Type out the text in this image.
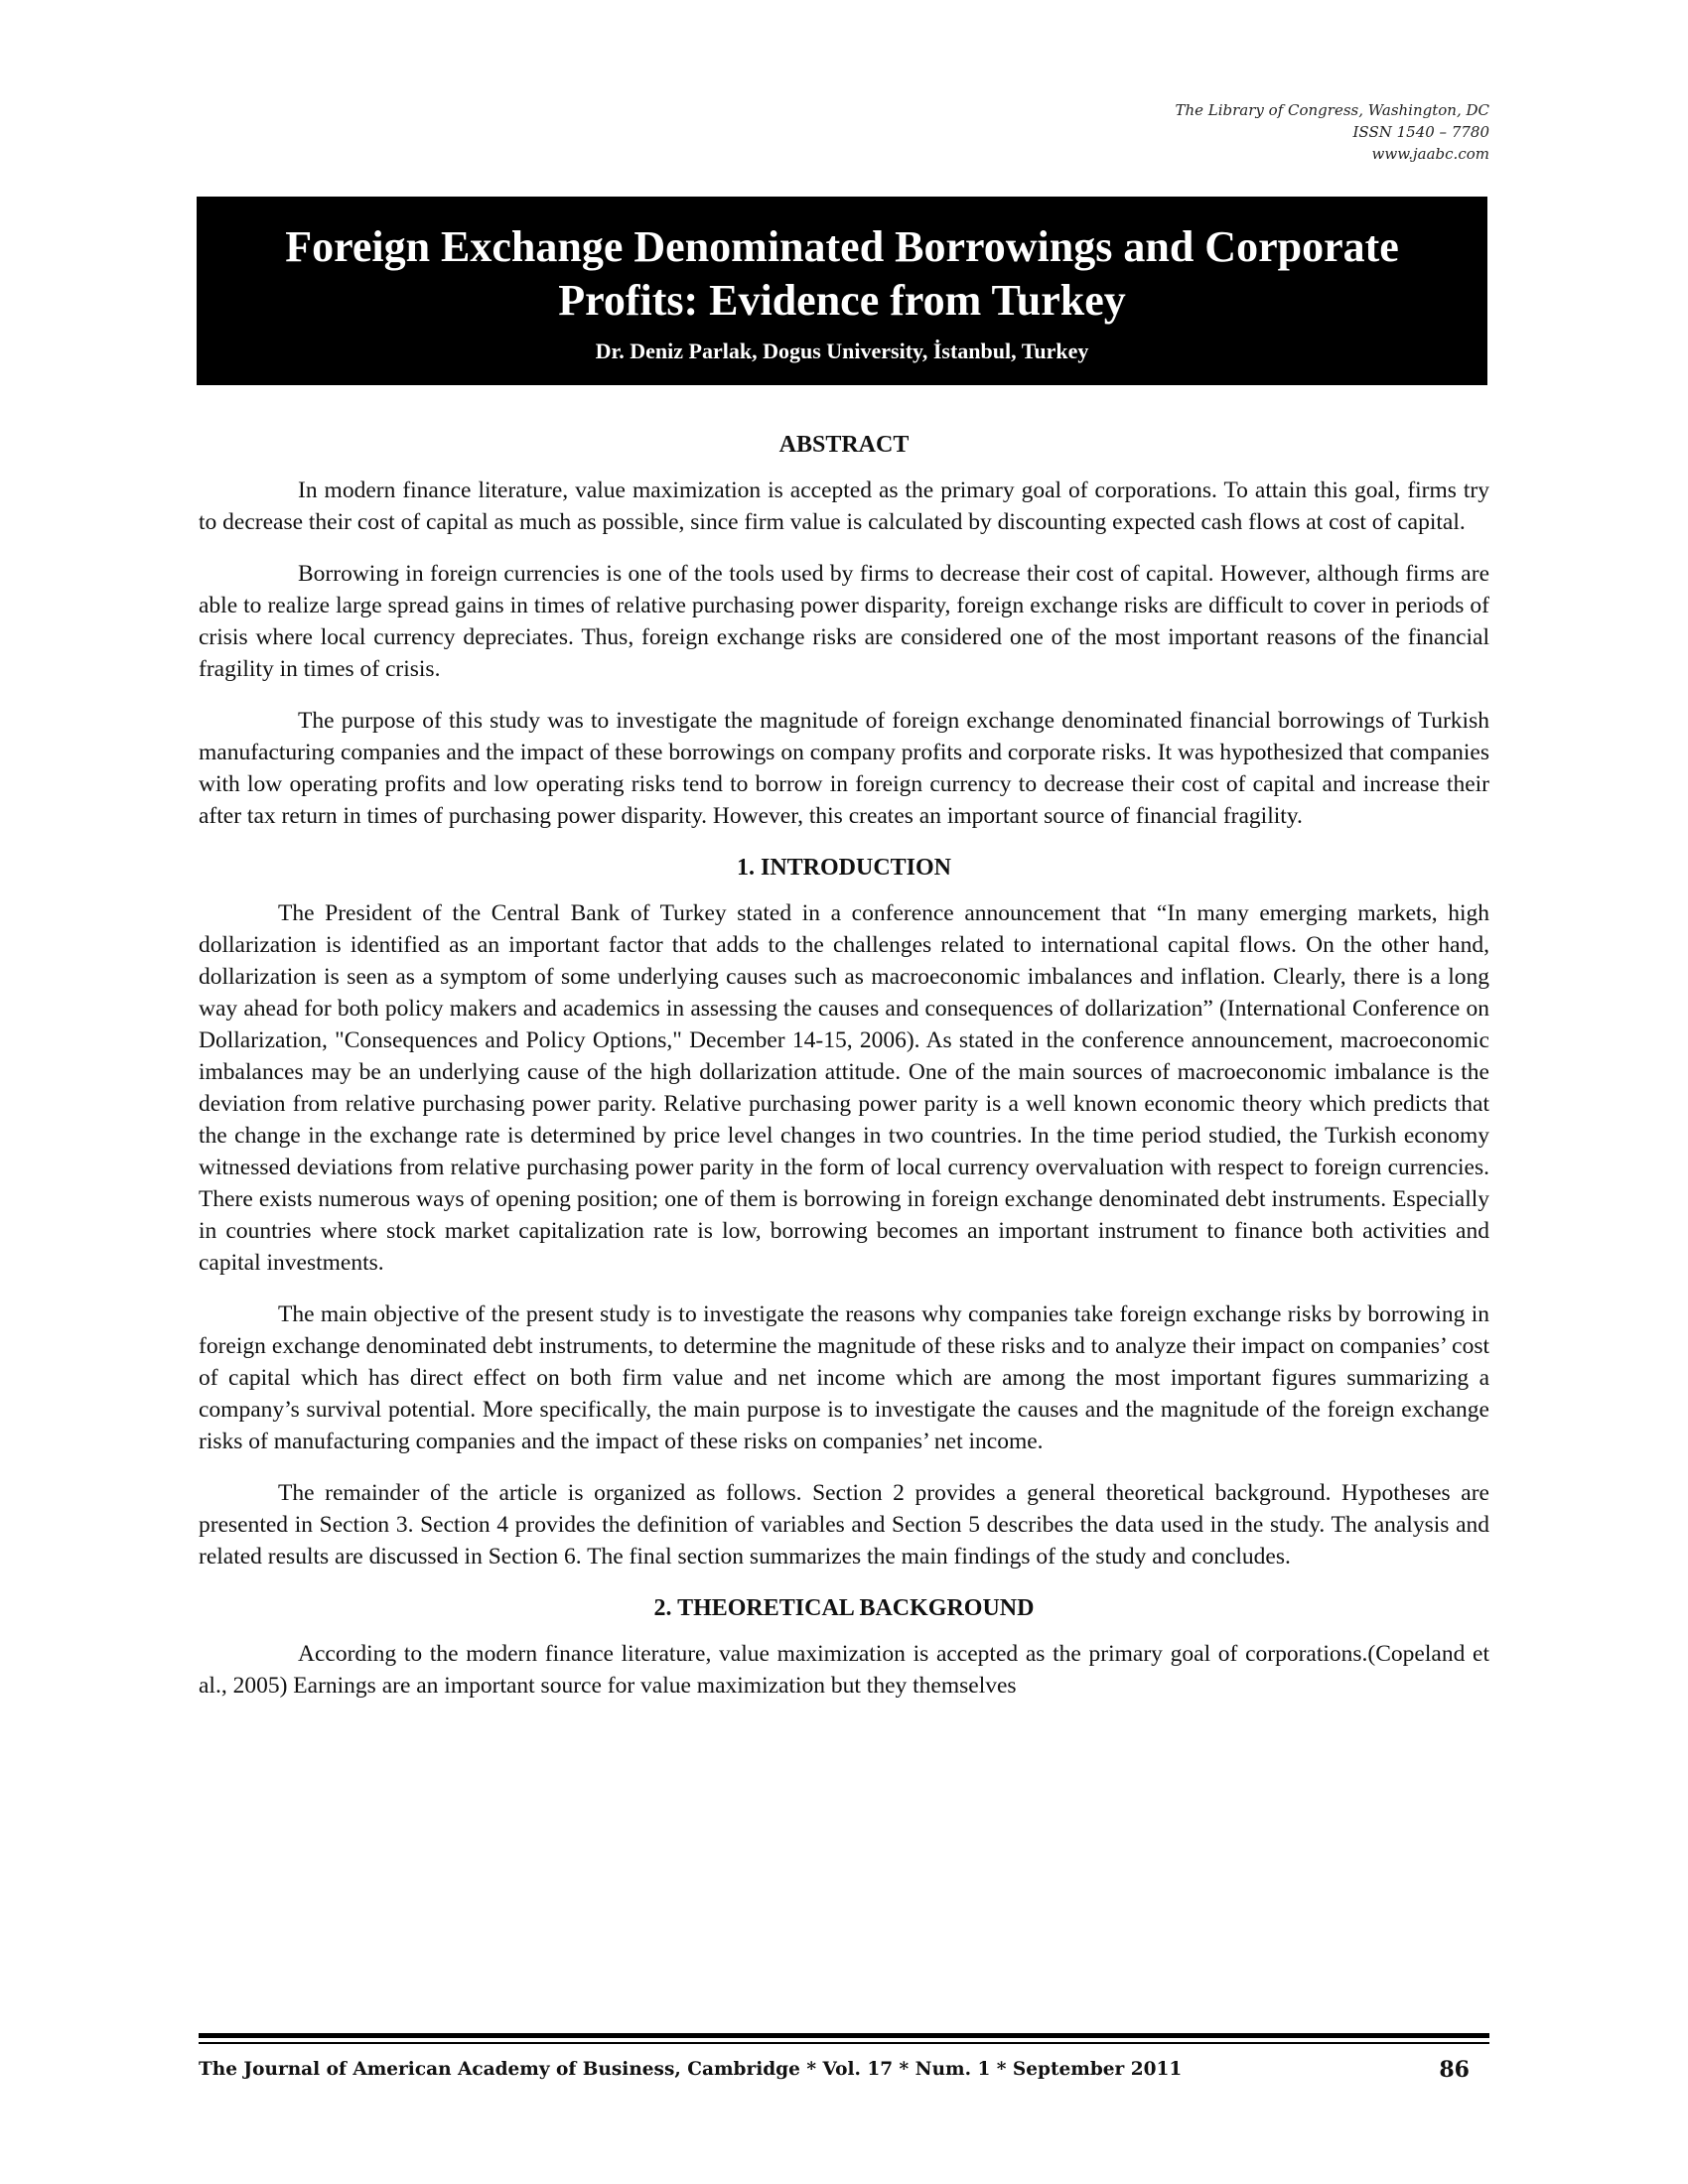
The Library of Congress, Washington, DC
ISSN 1540 – 7780
www.jaabc.com
Foreign Exchange Denominated Borrowings and Corporate Profits: Evidence from Turkey
Dr. Deniz Parlak, Dogus University, İstanbul, Turkey
ABSTRACT

In modern finance literature, value maximization is accepted as the primary goal of corporations. To attain this goal, firms try to decrease their cost of capital as much as possible, since firm value is calculated by discounting expected cash flows at cost of capital.

Borrowing in foreign currencies is one of the tools used by firms to decrease their cost of capital. However, although firms are able to realize large spread gains in times of relative purchasing power disparity, foreign exchange risks are difficult to cover in periods of crisis where local currency depreciates. Thus, foreign exchange risks are considered one of the most important reasons of the financial fragility in times of crisis.

The purpose of this study was to investigate the magnitude of foreign exchange denominated financial borrowings of Turkish manufacturing companies and the impact of these borrowings on company profits and corporate risks. It was hypothesized that companies with low operating profits and low operating risks tend to borrow in foreign currency to decrease their cost of capital and increase their after tax return in times of purchasing power disparity. However, this creates an important source of financial fragility.

1. INTRODUCTION

The President of the Central Bank of Turkey stated in a conference announcement that “In many emerging markets, high dollarization is identified as an important factor that adds to the challenges related to international capital flows. On the other hand, dollarization is seen as a symptom of some underlying causes such as macroeconomic imbalances and inflation. Clearly, there is a long way ahead for both policy makers and academics in assessing the causes and consequences of dollarization” (International Conference on Dollarization, "Consequences and Policy Options," December 14-15, 2006). As stated in the conference announcement, macroeconomic imbalances may be an underlying cause of the high dollarization attitude. One of the main sources of macroeconomic imbalance is the deviation from relative purchasing power parity. Relative purchasing power parity is a well known economic theory which predicts that the change in the exchange rate is determined by price level changes in two countries. In the time period studied, the Turkish economy witnessed deviations from relative purchasing power parity in the form of local currency overvaluation with respect to foreign currencies. There exists numerous ways of opening position; one of them is borrowing in foreign exchange denominated debt instruments. Especially in countries where stock market capitalization rate is low, borrowing becomes an important instrument to finance both activities and capital investments.

The main objective of the present study is to investigate the reasons why companies take foreign exchange risks by borrowing in foreign exchange denominated debt instruments, to determine the magnitude of these risks and to analyze their impact on companies’ cost of capital which has direct effect on both firm value and net income which are among the most important figures summarizing a company’s survival potential. More specifically, the main purpose is to investigate the causes and the magnitude of the foreign exchange risks of manufacturing companies and the impact of these risks on companies’ net income.

The remainder of the article is organized as follows. Section 2 provides a general theoretical background. Hypotheses are presented in Section 3. Section 4 provides the definition of variables and Section 5 describes the data used in the study. The analysis and related results are discussed in Section 6. The final section summarizes the main findings of the study and concludes.

2. THEORETICAL BACKGROUND

According to the modern finance literature, value maximization is accepted as the primary goal of corporations.(Copeland et al., 2005) Earnings are an important source for value maximization but they themselves

The Journal of American Academy of Business, Cambridge * Vol. 17 * Num. 1 * September 2011	86
